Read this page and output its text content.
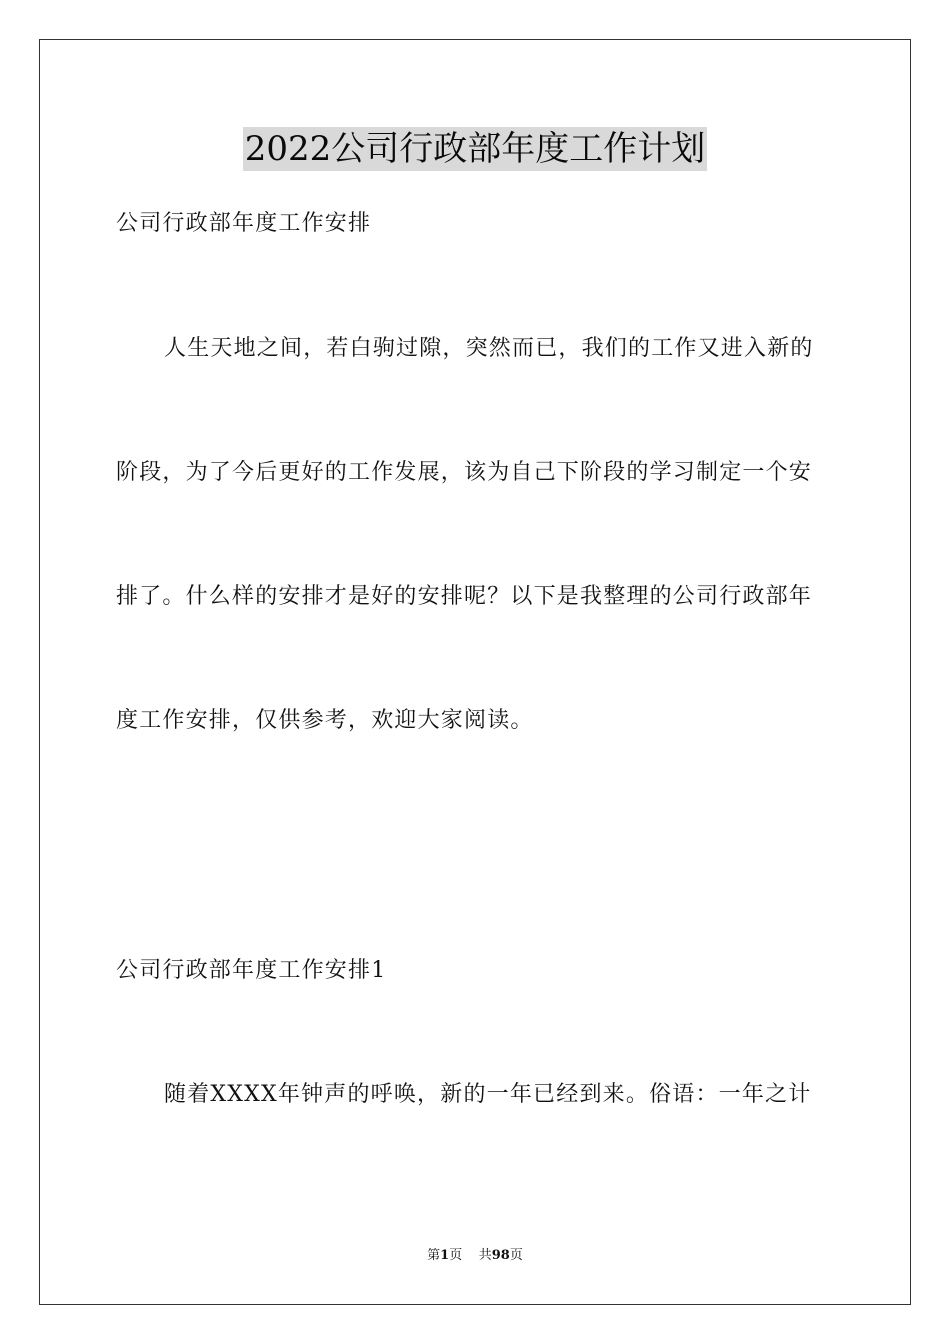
2022公司行政部年度工作计划
公司行政部年度工作安排
人生天地之间，若白驹过隙，突然而已，我们的工作又进入新的
阶段，为了今后更好的工作发展，该为自己下阶段的学习制定一个安
排了。什么样的安排才是好的安排呢？以下是我整理的公司行政部年
度工作安排，仅供参考，欢迎大家阅读。
公司行政部年度工作安排1
随着XXXX年钟声的呼唤，新的一年已经到来。俗语：一年之计
第1页 共98页
